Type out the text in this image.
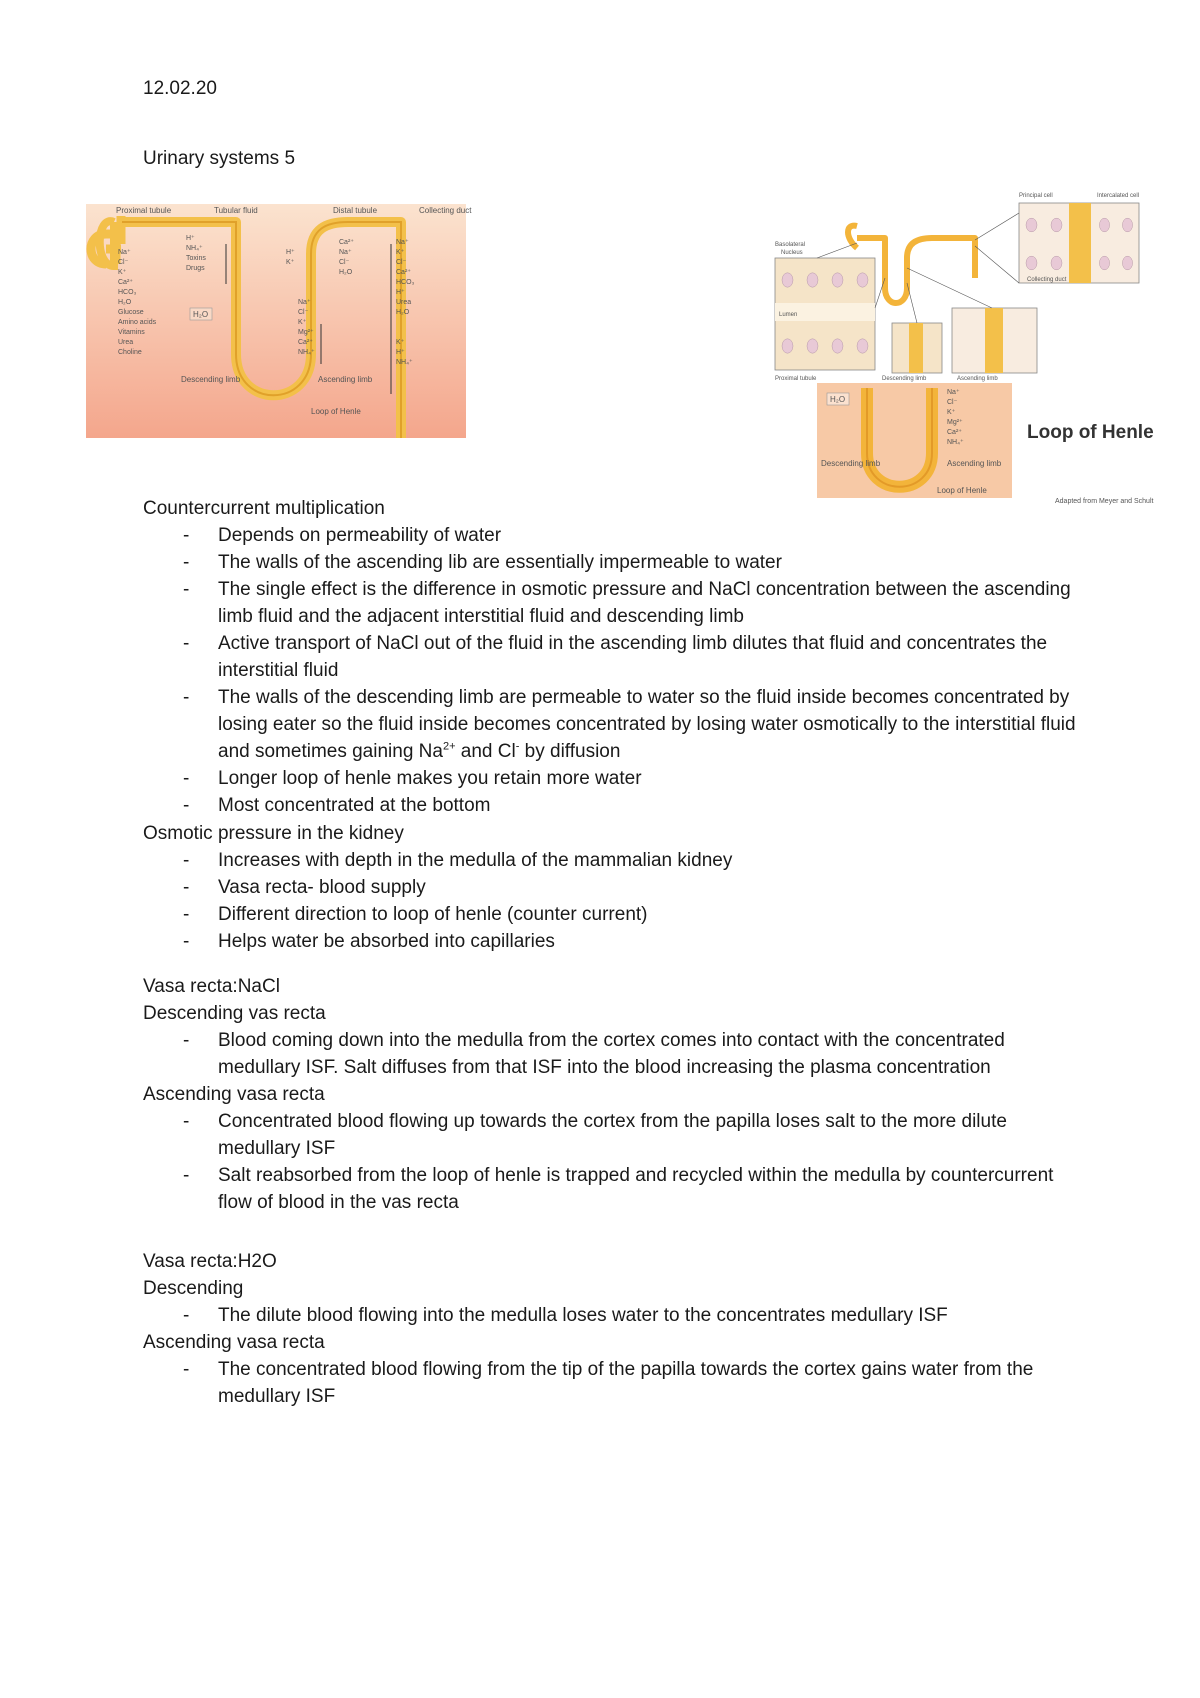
12.02.20
Urinary systems 5
Proximal tubule	Tubular fluid	Distal tubule	Collecting duct
Descending limb	Ascending limb
Loop of Henle
Na⁺
Cl⁻
K⁺
Ca²⁺
HCO₃
H₂O
Glucose
Amino acids
Vitamins
Urea
Choline
H⁺
NH₄⁺
Toxins
Drugs
H⁺
K⁺
Ca²⁺
Na⁺
Cl⁻
H₂O
Na⁺
K⁺
Cl⁻
Ca²⁺
HCO₃
H⁺
Urea
H₂O
Na⁺
Cl⁻
K⁺
Mg²⁺
Ca²⁺
NH₄⁺
K⁺
H⁺
NH₄⁺
H₂O
H₂O
Na⁺
Cl⁻
K⁺
Mg²⁺
Ca²⁺
NH₄⁺
Descending limb	Ascending limb
Loop of Henle
Principal cell	Intercalated cell
Collecting duct
Basolateral
Nucleus
Lumen
Proximal tubule	Descending limb	Ascending limb
Loop of Henle
Adapted from Meyer and Schult
Countercurrent multiplication
- Depends on permeability of water
- The walls of the ascending lib are essentially impermeable to water
- The single effect is the difference in osmotic pressure and NaCl concentration between the ascending limb fluid and the adjacent interstitial fluid and descending limb
- Active transport of NaCl out of the fluid in the ascending limb dilutes that fluid and concentrates the interstitial fluid
- The walls of the descending limb are permeable to water so the fluid inside becomes concentrated by losing eater so the fluid inside becomes concentrated by losing water osmotically to the interstitial fluid and sometimes gaining $Na^{2+}$ and Cl- by diffusion
- Longer loop of henle makes you retain more water
- Most concentrated at the bottom
Osmotic pressure in the kidney
- Increases with depth in the medulla of the mammalian kidney
- Vasa recta- blood supply
- Different direction to loop of henle (counter current)
- Helps water be absorbed into capillaries
Vasa recta:NaCl
Descending vas recta
- Blood coming down into the medulla from the cortex comes into contact with the concentrated medullary ISF. Salt diffuses from that ISF into the blood increasing the plasma concentration
Ascending vasa recta
- Concentrated blood flowing up towards the cortex from the papilla loses salt to the more dilute medullary ISF
- Salt reabsorbed from the loop of henle is trapped and recycled within the medulla by countercurrent flow of blood in the vas recta
Vasa recta:H2O
Descending
- The dilute blood flowing into the medulla loses water to the concentrates medullary ISF
Ascending vasa recta
- The concentrated blood flowing from the tip of the papilla towards the cortex gains water from the medullary ISF
